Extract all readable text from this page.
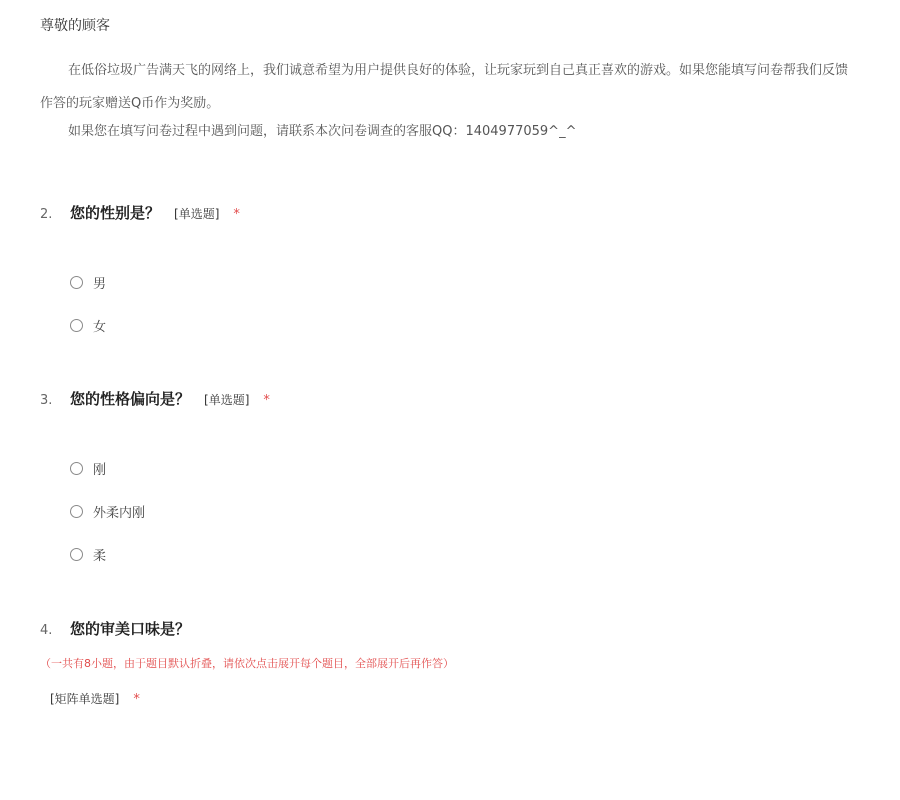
尊敬的顾客

在低俗垃圾广告满天飞的网络上，我们诚意希望为用户提供良好的体验，让玩家玩到自己真正喜欢的游戏。如果您能填写问卷帮我们反馈
作答的玩家赠送Q币作为奖励。
如果您在填写问卷过程中遇到问题，请联系本次问卷调查的客服QQ：1404977059^_^
2.	您的性别是？ [单选题] *
男
女
3.	您的性格偏向是？ [单选题] *
刚
外柔内刚
柔
4.	您的审美口味是？
（一共有8小题，由于题目默认折叠，请依次点击展开每个题目，全部展开后再作答）
[矩阵单选题] *
